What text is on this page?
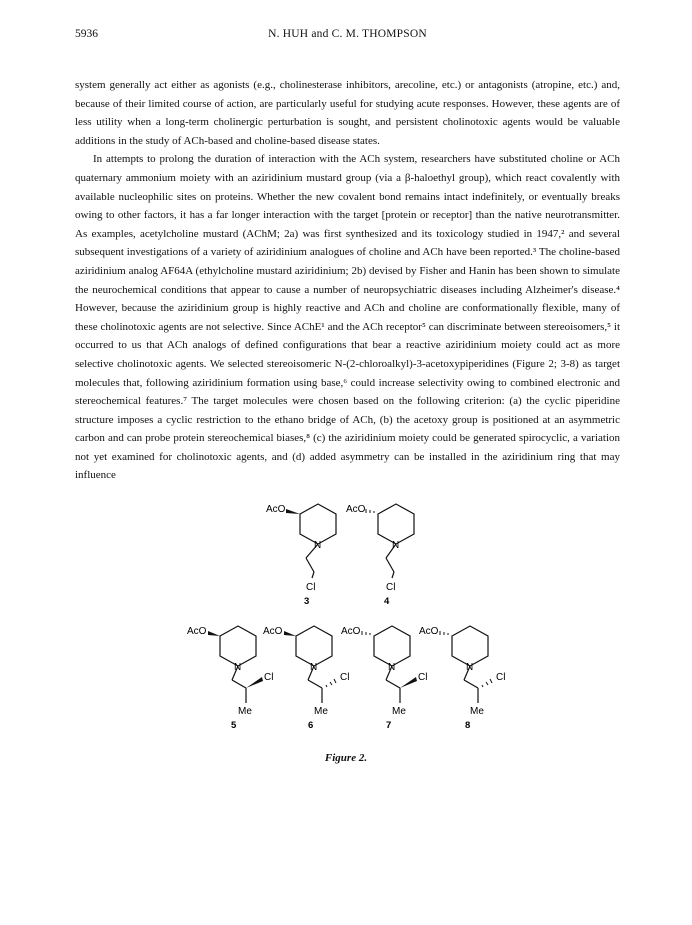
5936	N. HUH and C. M. THOMPSON

system generally act either as agonists (e.g., cholinesterase inhibitors, arecoline, etc.) or antagonists (atropine, etc.) and, because of their limited course of action, are particularly useful for studying acute responses. However, these agents are of less utility when a long-term cholinergic perturbation is sought, and persistent cholinotoxic agents would be valuable additions in the study of ACh-based and choline-based disease states.

In attempts to prolong the duration of interaction with the ACh system, researchers have substituted choline or ACh quaternary ammonium moiety with an aziridinium mustard group (via a β-haloethyl group), which react covalently with available nucleophilic sites on proteins. Whether the new covalent bond remains intact indefinitely, or eventually breaks owing to other factors, it has a far longer interaction with the target [protein or receptor] than the native neurotransmitter. As examples, acetylcholine mustard (AChM; 2a) was first synthesized and its toxicology studied in 1947,² and several subsequent investigations of a variety of aziridinium analogues of choline and ACh have been reported.³ The choline-based aziridinium analog AF64A (ethylcholine mustard aziridinium; 2b) devised by Fisher and Hanin has been shown to simulate the neurochemical conditions that appear to cause a number of neuropsychiatric diseases including Alzheimer's disease.⁴ However, because the aziridinium group is highly reactive and ACh and choline are conformationally flexible, many of these cholinotoxic agents are not selective. Since AChE¹ and the ACh receptor⁵ can discriminate between stereoisomers,⁵ it occurred to us that ACh analogs of defined configurations that bear a reactive aziridinium moiety could act as more selective cholinotoxic agents. We selected stereoisomeric N-(2-chloroalkyl)-3-acetoxypiperidines (Figure 2; 3-8) as target molecules that, following aziridinium formation using base,⁶ could increase selectivity owing to combined electronic and stereochemical features.⁷ The target molecules were chosen based on the following criterion: (a) the cyclic piperidine structure imposes a cyclic restriction to the ethano bridge of ACh, (b) the acetoxy group is positioned at an asymmetric carbon and can probe protein stereochemical biases,⁸ (c) the aziridinium moiety could be generated spirocyclic, a variation not yet examined for cholinotoxic agents, and (d) added asymmetry can be installed in the aziridinium ring that may influence

AcO
N
Cl
3
AcO
N
Cl
4
AcO
N
Cl
Me
5
AcO
N
Cl
Me
6
AcO
N
Cl
Me
7
AcO
N
Cl
Me
8
Figure 2.
